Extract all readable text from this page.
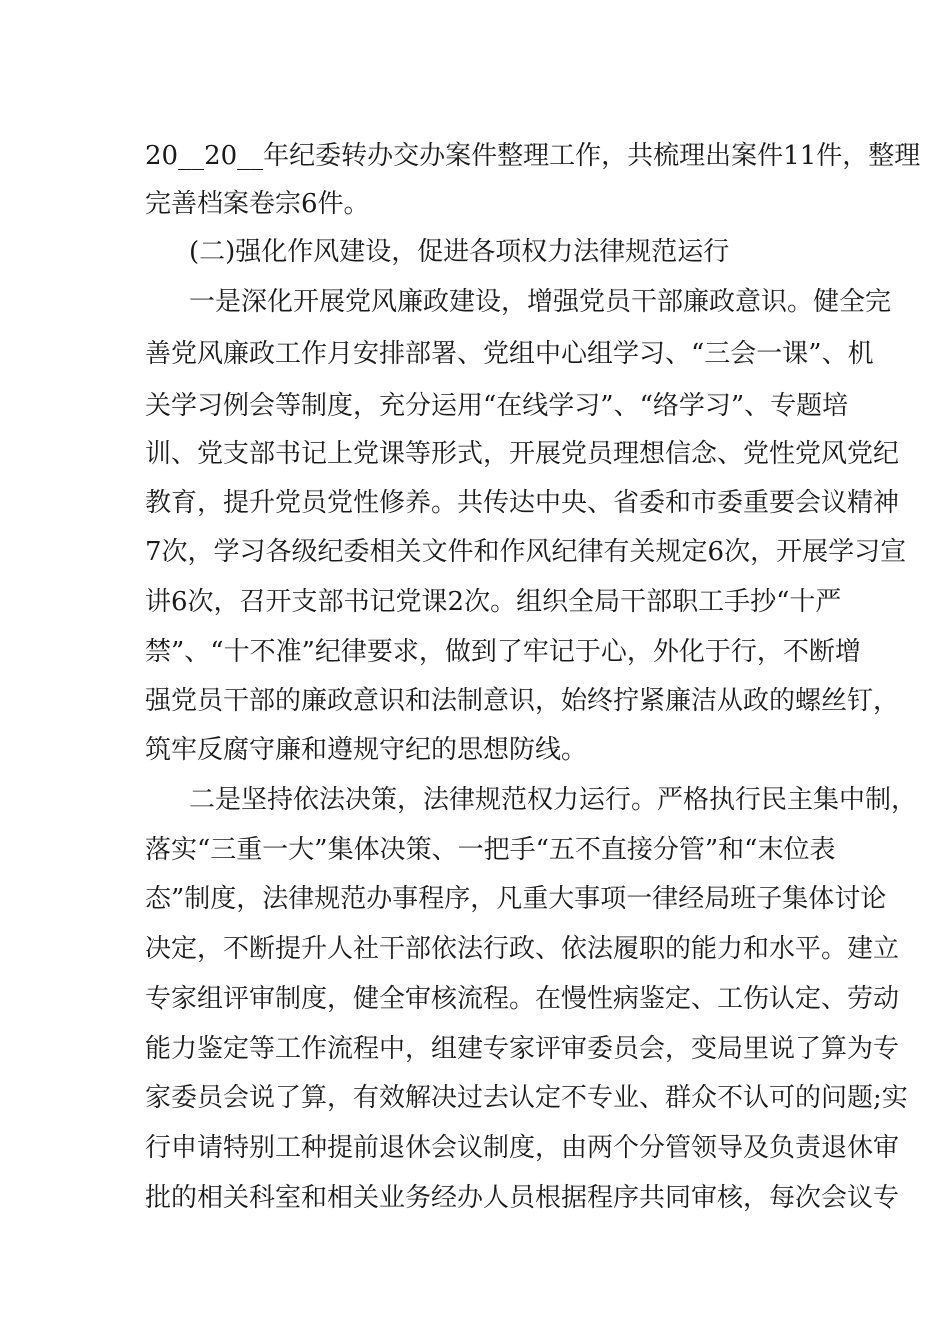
20__20__年纪委转办交办案件整理工作，共梳理出案件11件，整理
完善档案卷宗6件。
(二)强化作风建设，促进各项权力法律规范运行
一是深化开展党风廉政建设，增强党员干部廉政意识。健全完
善党风廉政工作月安排部署、党组中心组学习、“三会一课”、机
关学习例会等制度，充分运用“在线学习”、“络学习”、专题培
训、党支部书记上党课等形式，开展党员理想信念、党性党风党纪
教育，提升党员党性修养。共传达中央、省委和市委重要会议精神
7次，学习各级纪委相关文件和作风纪律有关规定6次，开展学习宣
讲6次，召开支部书记党课2次。组织全局干部职工手抄“十严
禁”、“十不准”纪律要求，做到了牢记于心，外化于行，不断增
强党员干部的廉政意识和法制意识，始终拧紧廉洁从政的螺丝钉，
筑牢反腐守廉和遵规守纪的思想防线。
二是坚持依法决策，法律规范权力运行。严格执行民主集中制，
落实“三重一大”集体决策、一把手“五不直接分管”和“末位表
态”制度，法律规范办事程序，凡重大事项一律经局班子集体讨论
决定，不断提升人社干部依法行政、依法履职的能力和水平。建立
专家组评审制度，健全审核流程。在慢性病鉴定、工伤认定、劳动
能力鉴定等工作流程中，组建专家评审委员会，变局里说了算为专
家委员会说了算，有效解决过去认定不专业、群众不认可的问题;实
行申请特别工种提前退休会议制度，由两个分管领导及负责退休审
批的相关科室和相关业务经办人员根据程序共同审核，每次会议专
